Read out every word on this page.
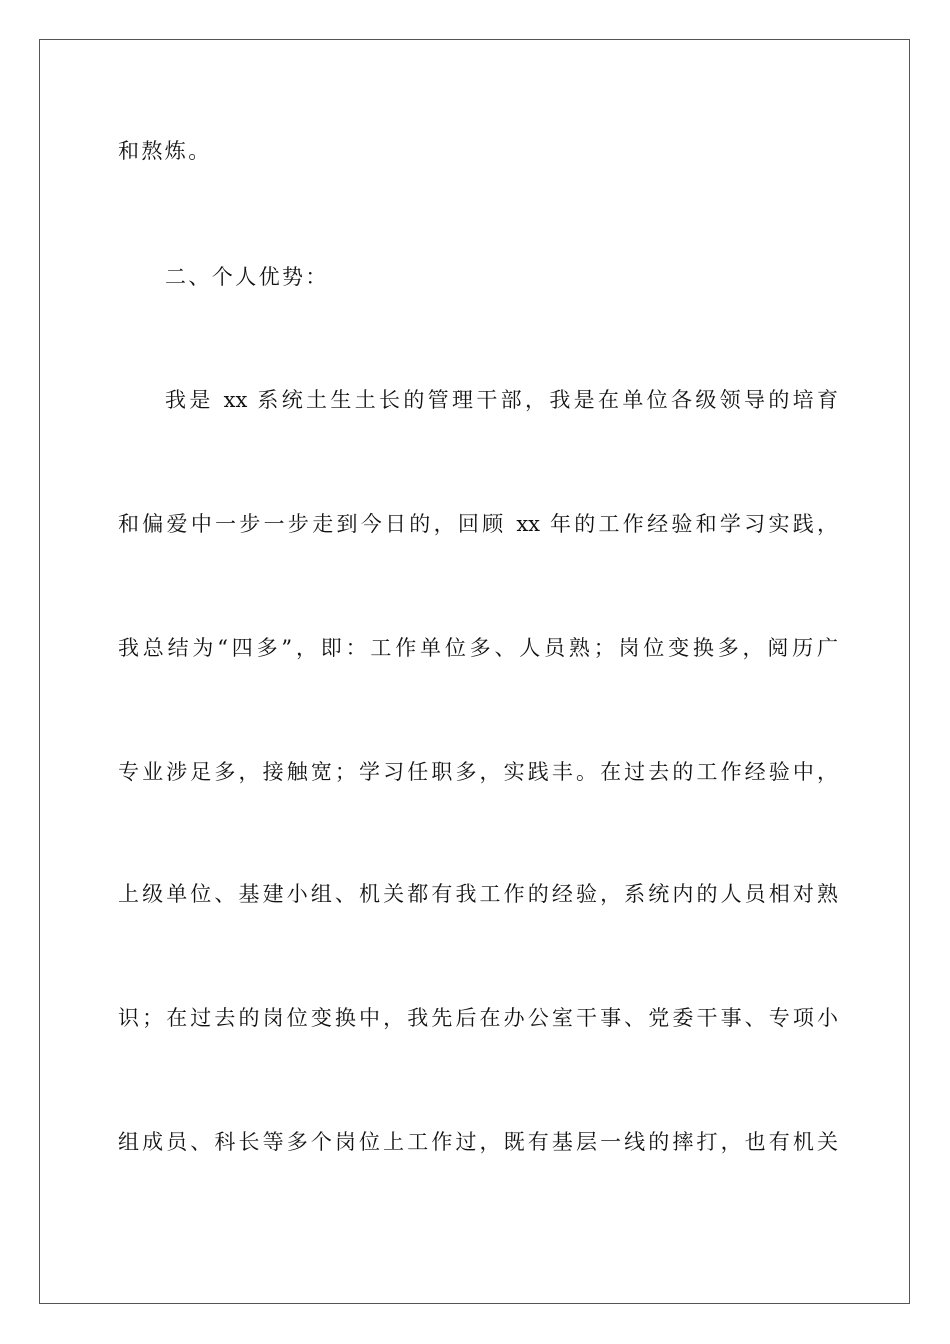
和熬炼。
二、个人优势：
我是 xx 系统土生土长的管理干部，我是在单位各级领导的培育
和偏爱中一步一步走到今日的，回顾 xx 年的工作经验和学习实践，
我总结为“四多”，即：工作单位多、人员熟；岗位变换多，阅历广
专业涉足多，接触宽；学习任职多，实践丰。在过去的工作经验中，
上级单位、基建小组、机关都有我工作的经验，系统内的人员相对熟
识；在过去的岗位变换中，我先后在办公室干事、党委干事、专项小
组成员、科长等多个岗位上工作过，既有基层一线的摔打，也有机关
